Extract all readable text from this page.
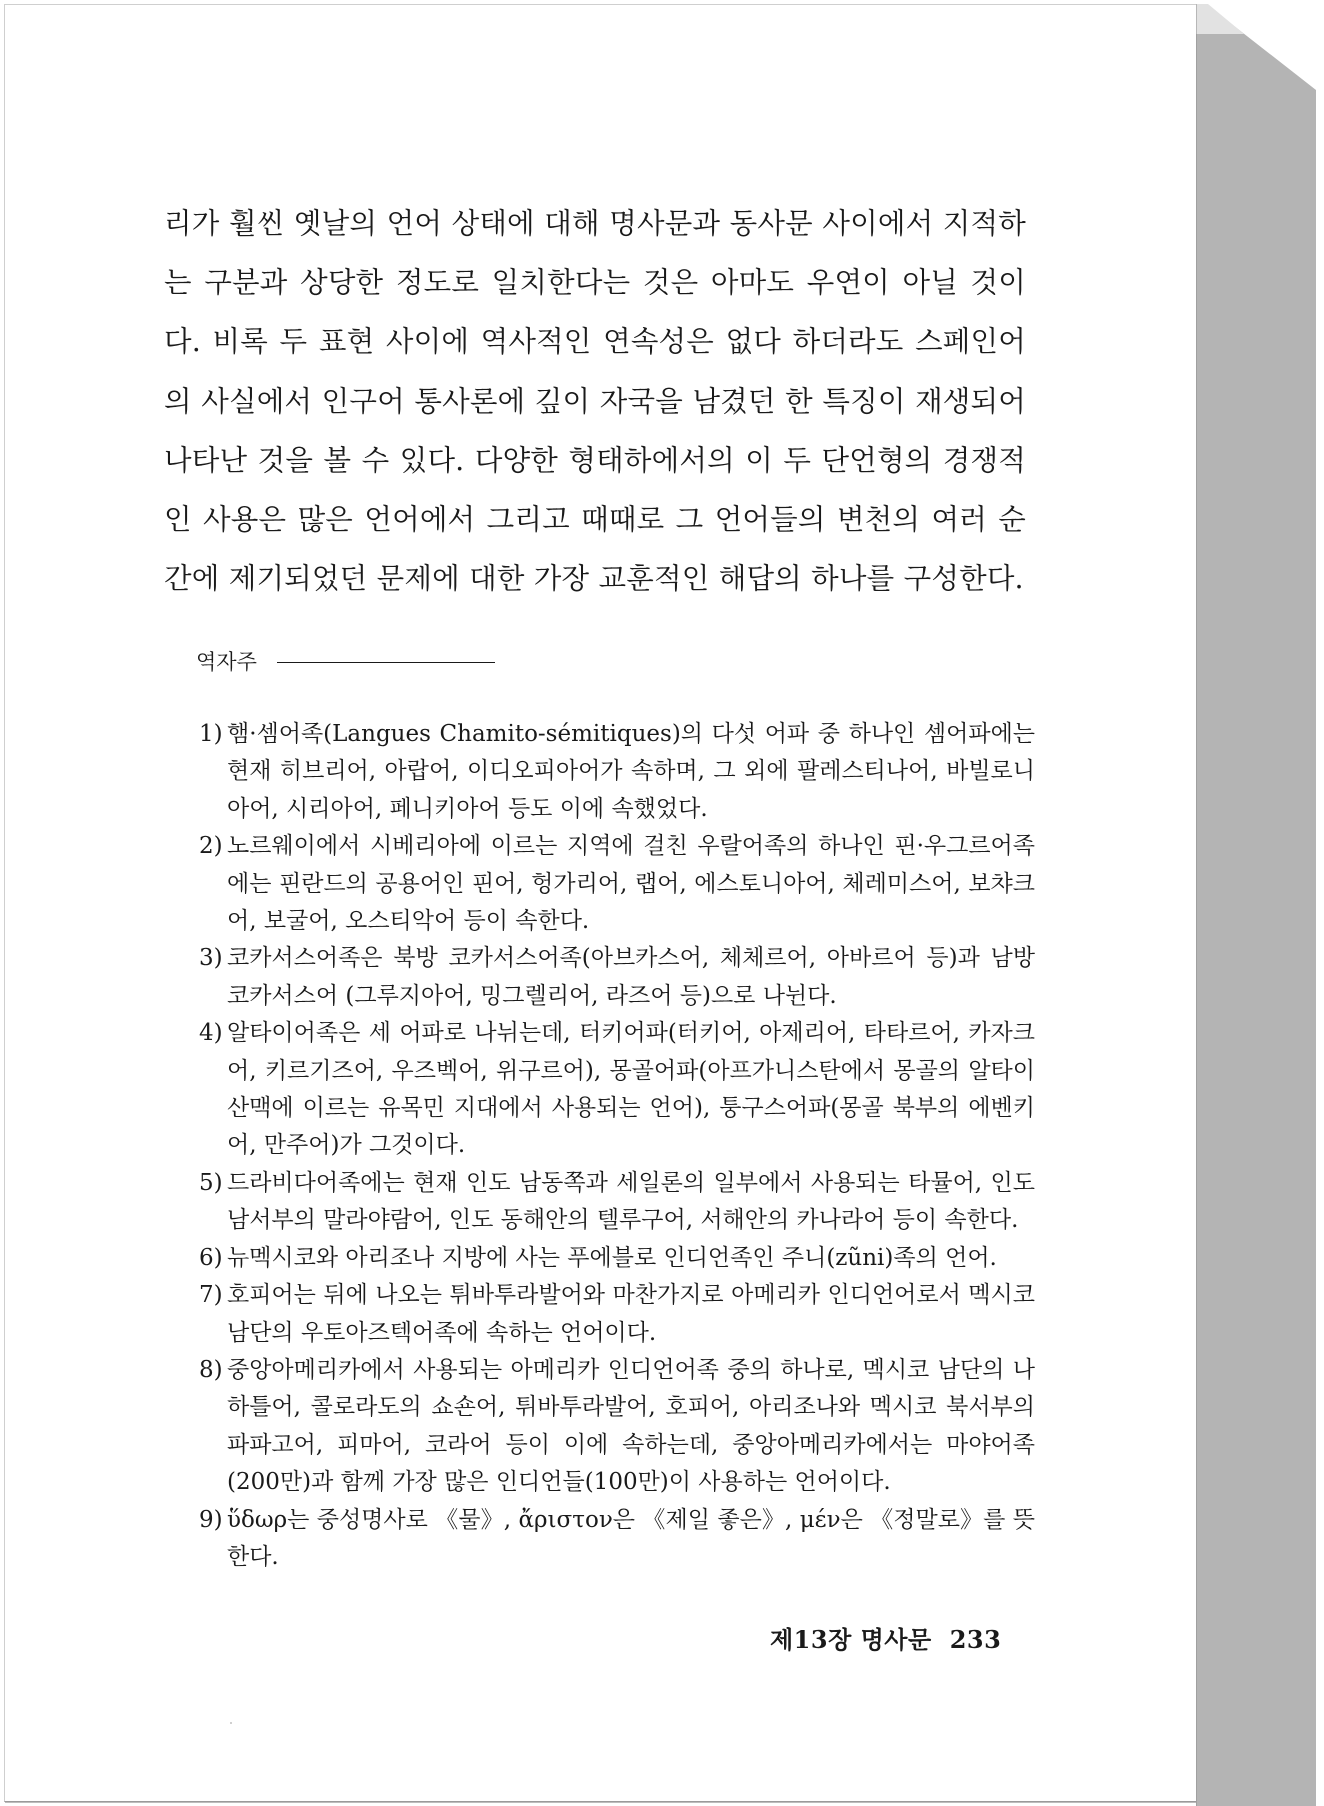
리가 훨씬 옛날의 언어 상태에 대해 명사문과 동사문 사이에서 지적하는 구분과 상당한 정도로 일치한다는 것은 아마도 우연이 아닐 것이다. 비록 두 표현 사이에 역사적인 연속성은 없다 하더라도 스페인어의 사실에서 인구어 통사론에 깊이 자국을 남겼던 한 특징이 재생되어 나타난 것을 볼 수 있다. 다양한 형태하에서의 이 두 단언형의 경쟁적인 사용은 많은 언어에서 그리고 때때로 그 언어들의 변천의 여러 순간에 제기되었던 문제에 대한 가장 교훈적인 해답의 하나를 구성한다.

역자주
1) 햄·셈어족(Langues Chamito-sémitiques)의 다섯 어파 중 하나인 셈어파에는 현재 히브리어, 아랍어, 이디오피아어가 속하며, 그 외에 팔레스티나어, 바빌로니아어, 시리아어, 페니키아어 등도 이에 속했었다.
2) 노르웨이에서 시베리아에 이르는 지역에 걸친 우랄어족의 하나인 핀·우그르어족에는 핀란드의 공용어인 핀어, 헝가리어, 랩어, 에스토니아어, 체레미스어, 보챠크어, 보굴어, 오스티악어 등이 속한다.
3) 코카서스어족은 북방 코카서스어족(아브카스어, 체체르어, 아바르어 등)과 남방 코카서스어 (그루지아어, 밍그렐리어, 라즈어 등)으로 나뉜다.
4) 알타이어족은 세 어파로 나뉘는데, 터키어파(터키어, 아제리어, 타타르어, 카자크어, 키르기즈어, 우즈벡어, 위구르어), 몽골어파(아프가니스탄에서 몽골의 알타이 산맥에 이르는 유목민 지대에서 사용되는 언어), 퉁구스어파(몽골 북부의 에벤키어, 만주어)가 그것이다.
5) 드라비다어족에는 현재 인도 남동쪽과 세일론의 일부에서 사용되는 타뮬어, 인도 남서부의 말라야람어, 인도 동해안의 텔루구어, 서해안의 카나라어 등이 속한다.
6) 뉴멕시코와 아리조나 지방에 사는 푸에블로 인디언족인 주니(zũni)족의 언어.
7) 호피어는 뒤에 나오는 튀바투라발어와 마찬가지로 아메리카 인디언어로서 멕시코 남단의 우토아즈텍어족에 속하는 언어이다.
8) 중앙아메리카에서 사용되는 아메리카 인디언어족 중의 하나로, 멕시코 남단의 나하틀어, 콜로라도의 쇼숀어, 튀바투라발어, 호피어, 아리조나와 멕시코 북서부의 파파고어, 피마어, 코라어 등이 이에 속하는데, 중앙아메리카에서는 마야어족(200만)과 함께 가장 많은 인디언들(100만)이 사용하는 언어이다.
9) ὕδωρ는 중성명사로 《물》, ἄριστον은 《제일 좋은》, μέν은 《정말로》를 뜻한다.
제13장 명사문 233
